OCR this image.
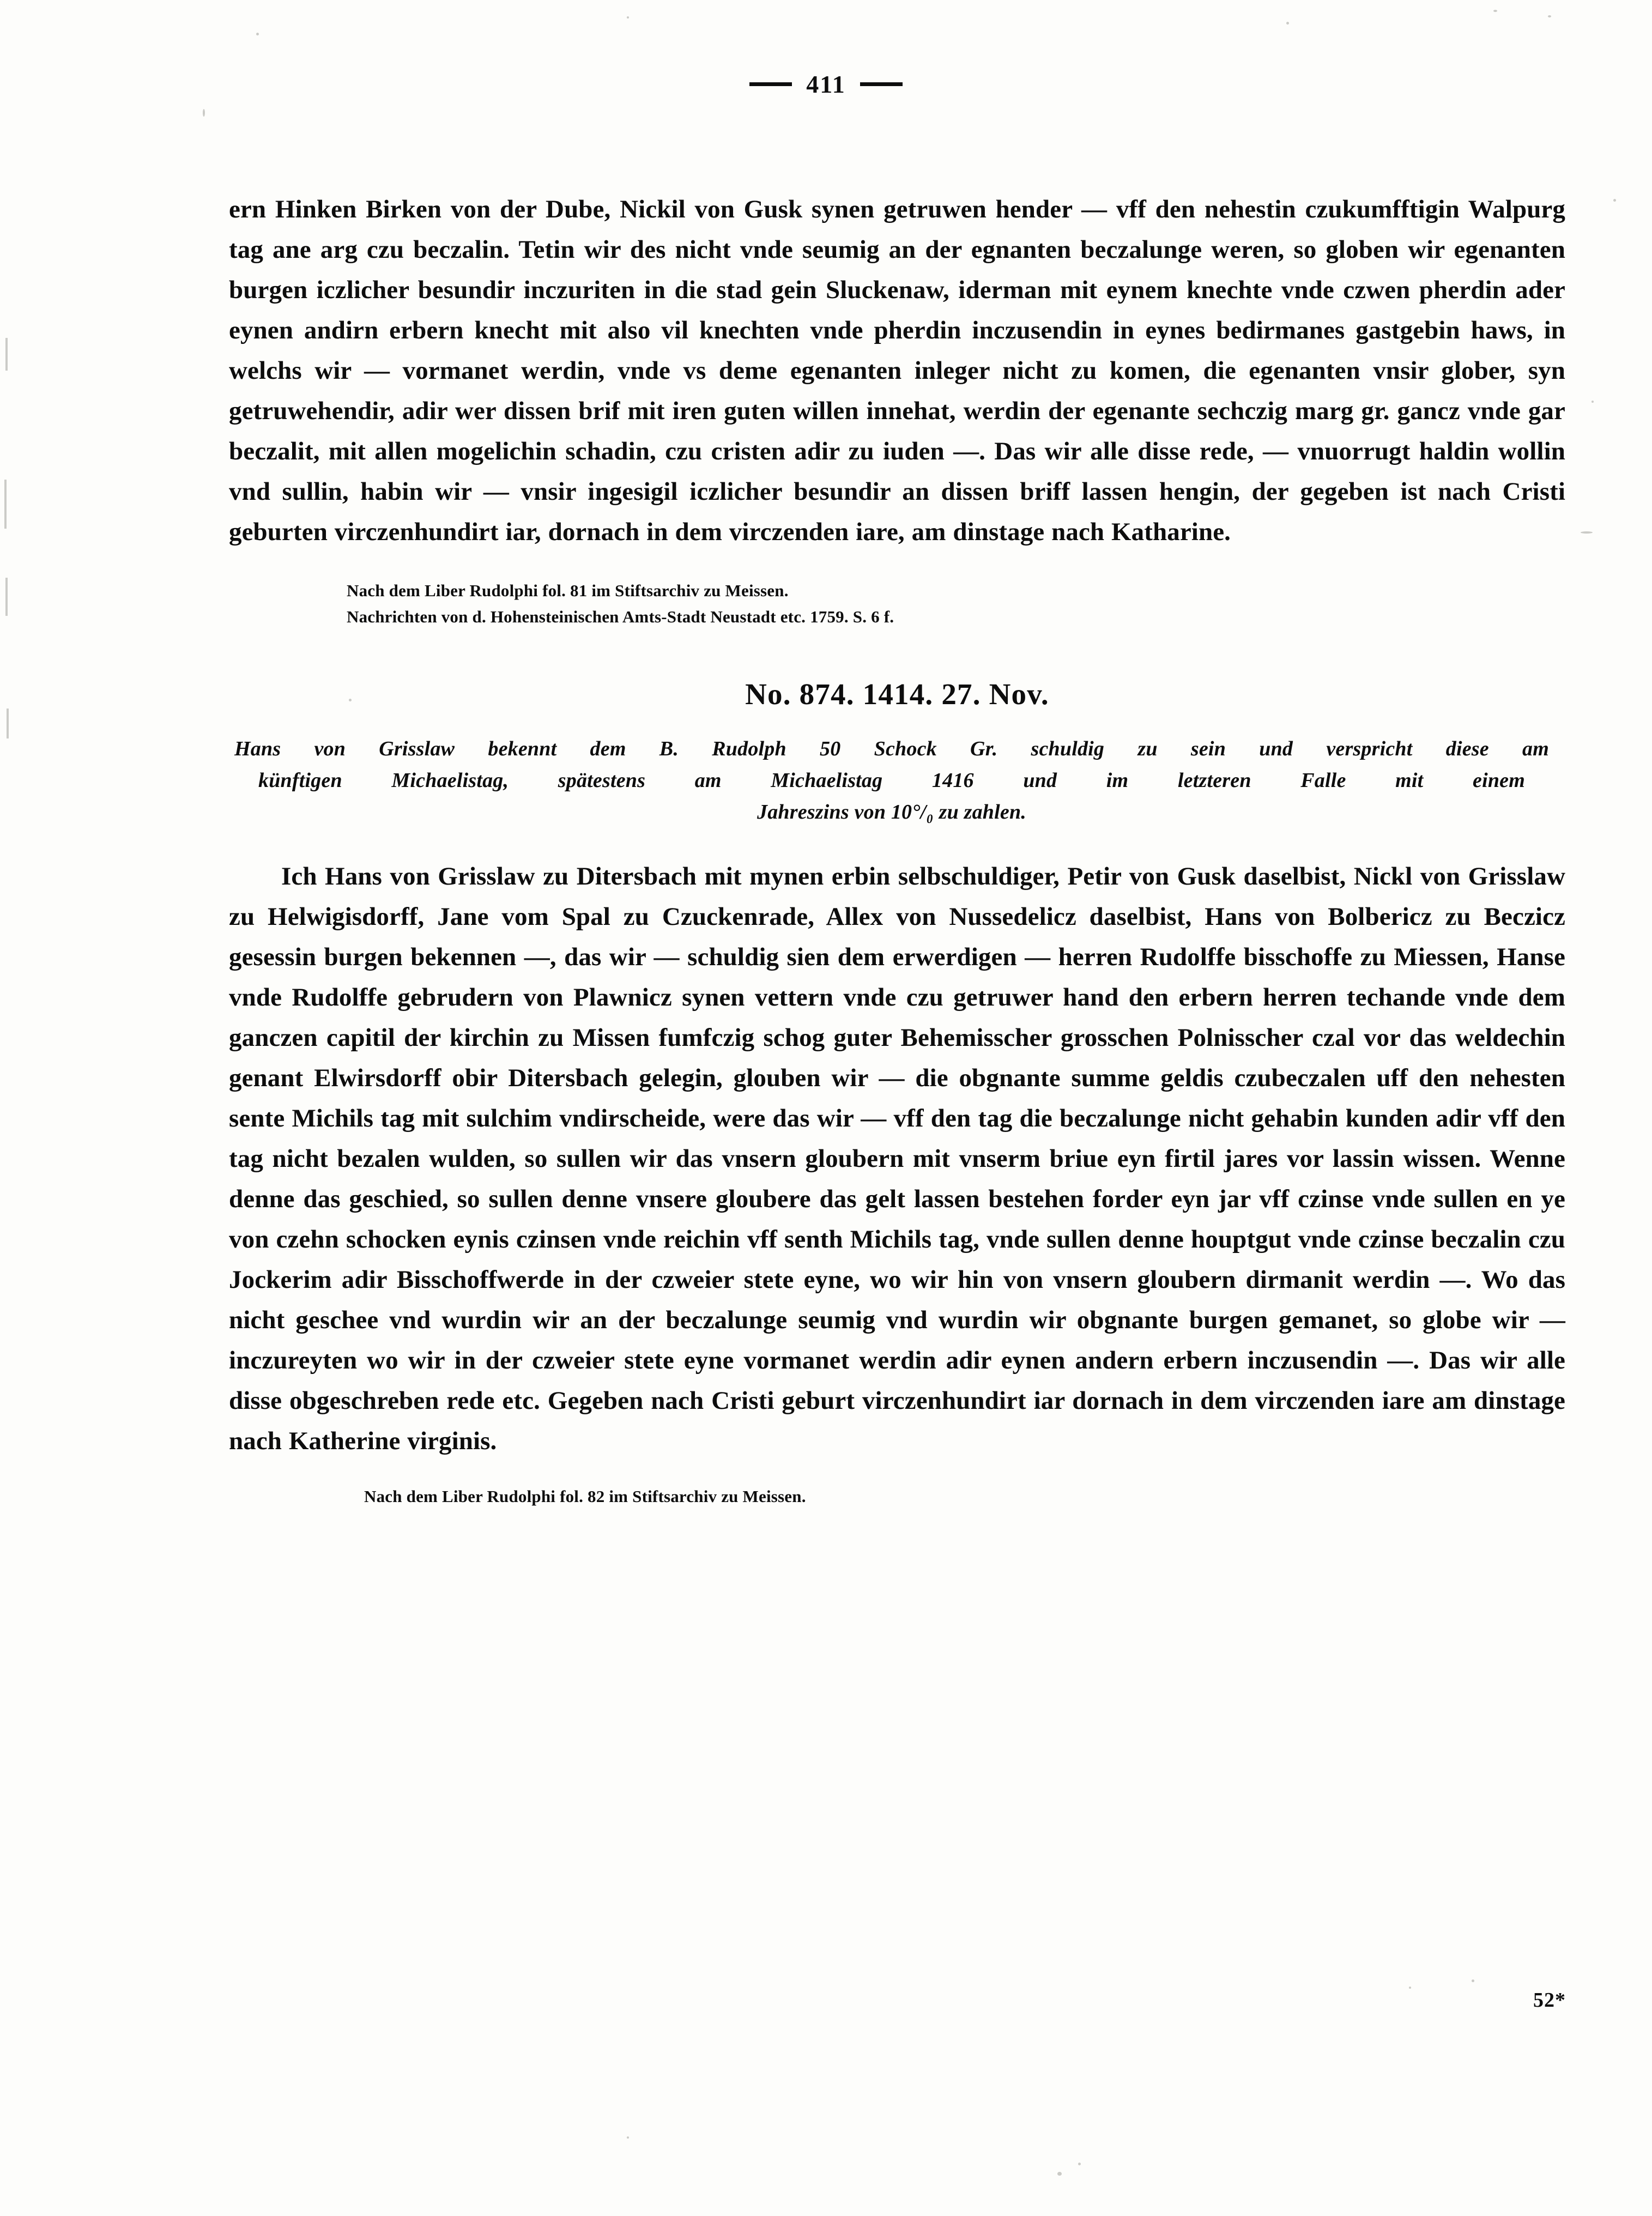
411

ern Hinken Birken von der Dube, Nickil von Gusk synen getruwen hender — vff den nehestin czukumfftigin Walpurg tag ane arg czu beczalin. Tetin wir des nicht vnde seumig an der egnanten beczalunge weren, so globen wir egenanten burgen iczlicher besundir inczuriten in die stad gein Sluckenaw, iderman mit eynem knechte vnde czwen pherdin ader eynen andirn erbern knecht mit also vil knechten vnde pherdin inczusendin in eynes bedirmanes gastgebin haws, in welchs wir — vormanet werdin, vnde vs deme egenanten inleger nicht zu komen, die egenanten vnsir glober, syn getruwehendir, adir wer dissen brif mit iren guten willen innehat, werdin der egenante sechczig marg gr. gancz vnde gar beczalit, mit allen mogelichin schadin, czu cristen adir zu iuden —. Das wir alle disse rede, — vnuorrugt haldin wollin vnd sullin, habin wir — vnsir ingesigil iczlicher besundir an dissen briff lassen hengin, der gegeben ist nach Cristi geburten virczenhundirt iar, dornach in dem virczenden iare, am dinstage nach Katharine.

Nach dem Liber Rudolphi fol. 81 im Stiftsarchiv zu Meissen.
Nachrichten von d. Hohensteinischen Amts-Stadt Neustadt etc. 1759. S. 6 f.
No. 874. 1414. 27. Nov.
Hans von Grisslaw bekennt dem B. Rudolph 50 Schock Gr. schuldig zu sein und verspricht diese am
künftigen Michaelistag, spätestens am Michaelistag 1416 und im letzteren Falle mit einem
Jahreszins von 10°/₀ zu zahlen.

Ich Hans von Grisslaw zu Ditersbach mit mynen erbin selbschuldiger, Petir von Gusk daselbist, Nickl von Grisslaw zu Helwigisdorff, Jane vom Spal zu Czuckenrade, Allex von Nussedelicz daselbist, Hans von Bolbericz zu Beczicz gesessin burgen bekennen —, das wir — schuldig sien dem erwerdigen — herren Rudolffe bisschoffe zu Miessen, Hanse vnde Rudolffe gebrudern von Plawnicz synen vettern vnde czu getruwer hand den erbern herren techande vnde dem ganczen capitil der kirchin zu Missen fumfczig schog guter Behemisscher grosschen Polnisscher czal vor das weldechin genant Elwirsdorff obir Ditersbach gelegin, glouben wir — die obgnante summe geldis czubeczalen uff den nehesten sente Michils tag mit sulchim vndirscheide, were das wir — vff den tag die beczalunge nicht gehabin kunden adir vff den tag nicht bezalen wulden, so sullen wir das vnsern gloubern mit vnserm briue eyn firtil jares vor lassin wissen. Wenne denne das geschied, so sullen denne vnsere gloubere das gelt lassen bestehen forder eyn jar vff czinse vnde sullen en ye von czehn schocken eynis czinsen vnde reichin vff senth Michils tag, vnde sullen denne houptgut vnde czinse beczalin czu Jockerim adir Bisschoffwerde in der czweier stete eyne, wo wir hin von vnsern gloubern dirmanit werdin —. Wo das nicht geschee vnd wurdin wir an der beczalunge seumig vnd wurdin wir obgnante burgen gemanet, so globe wir — inczureyten wo wir in der czweier stete eyne vormanet werdin adir eynen andern erbern inczusendin —. Das wir alle disse obgeschreben rede etc. Gegeben nach Cristi geburt virczenhundirt iar dornach in dem virczenden iare am dinstage nach Katherine virginis.

Nach dem Liber Rudolphi fol. 82 im Stiftsarchiv zu Meissen.
52*
